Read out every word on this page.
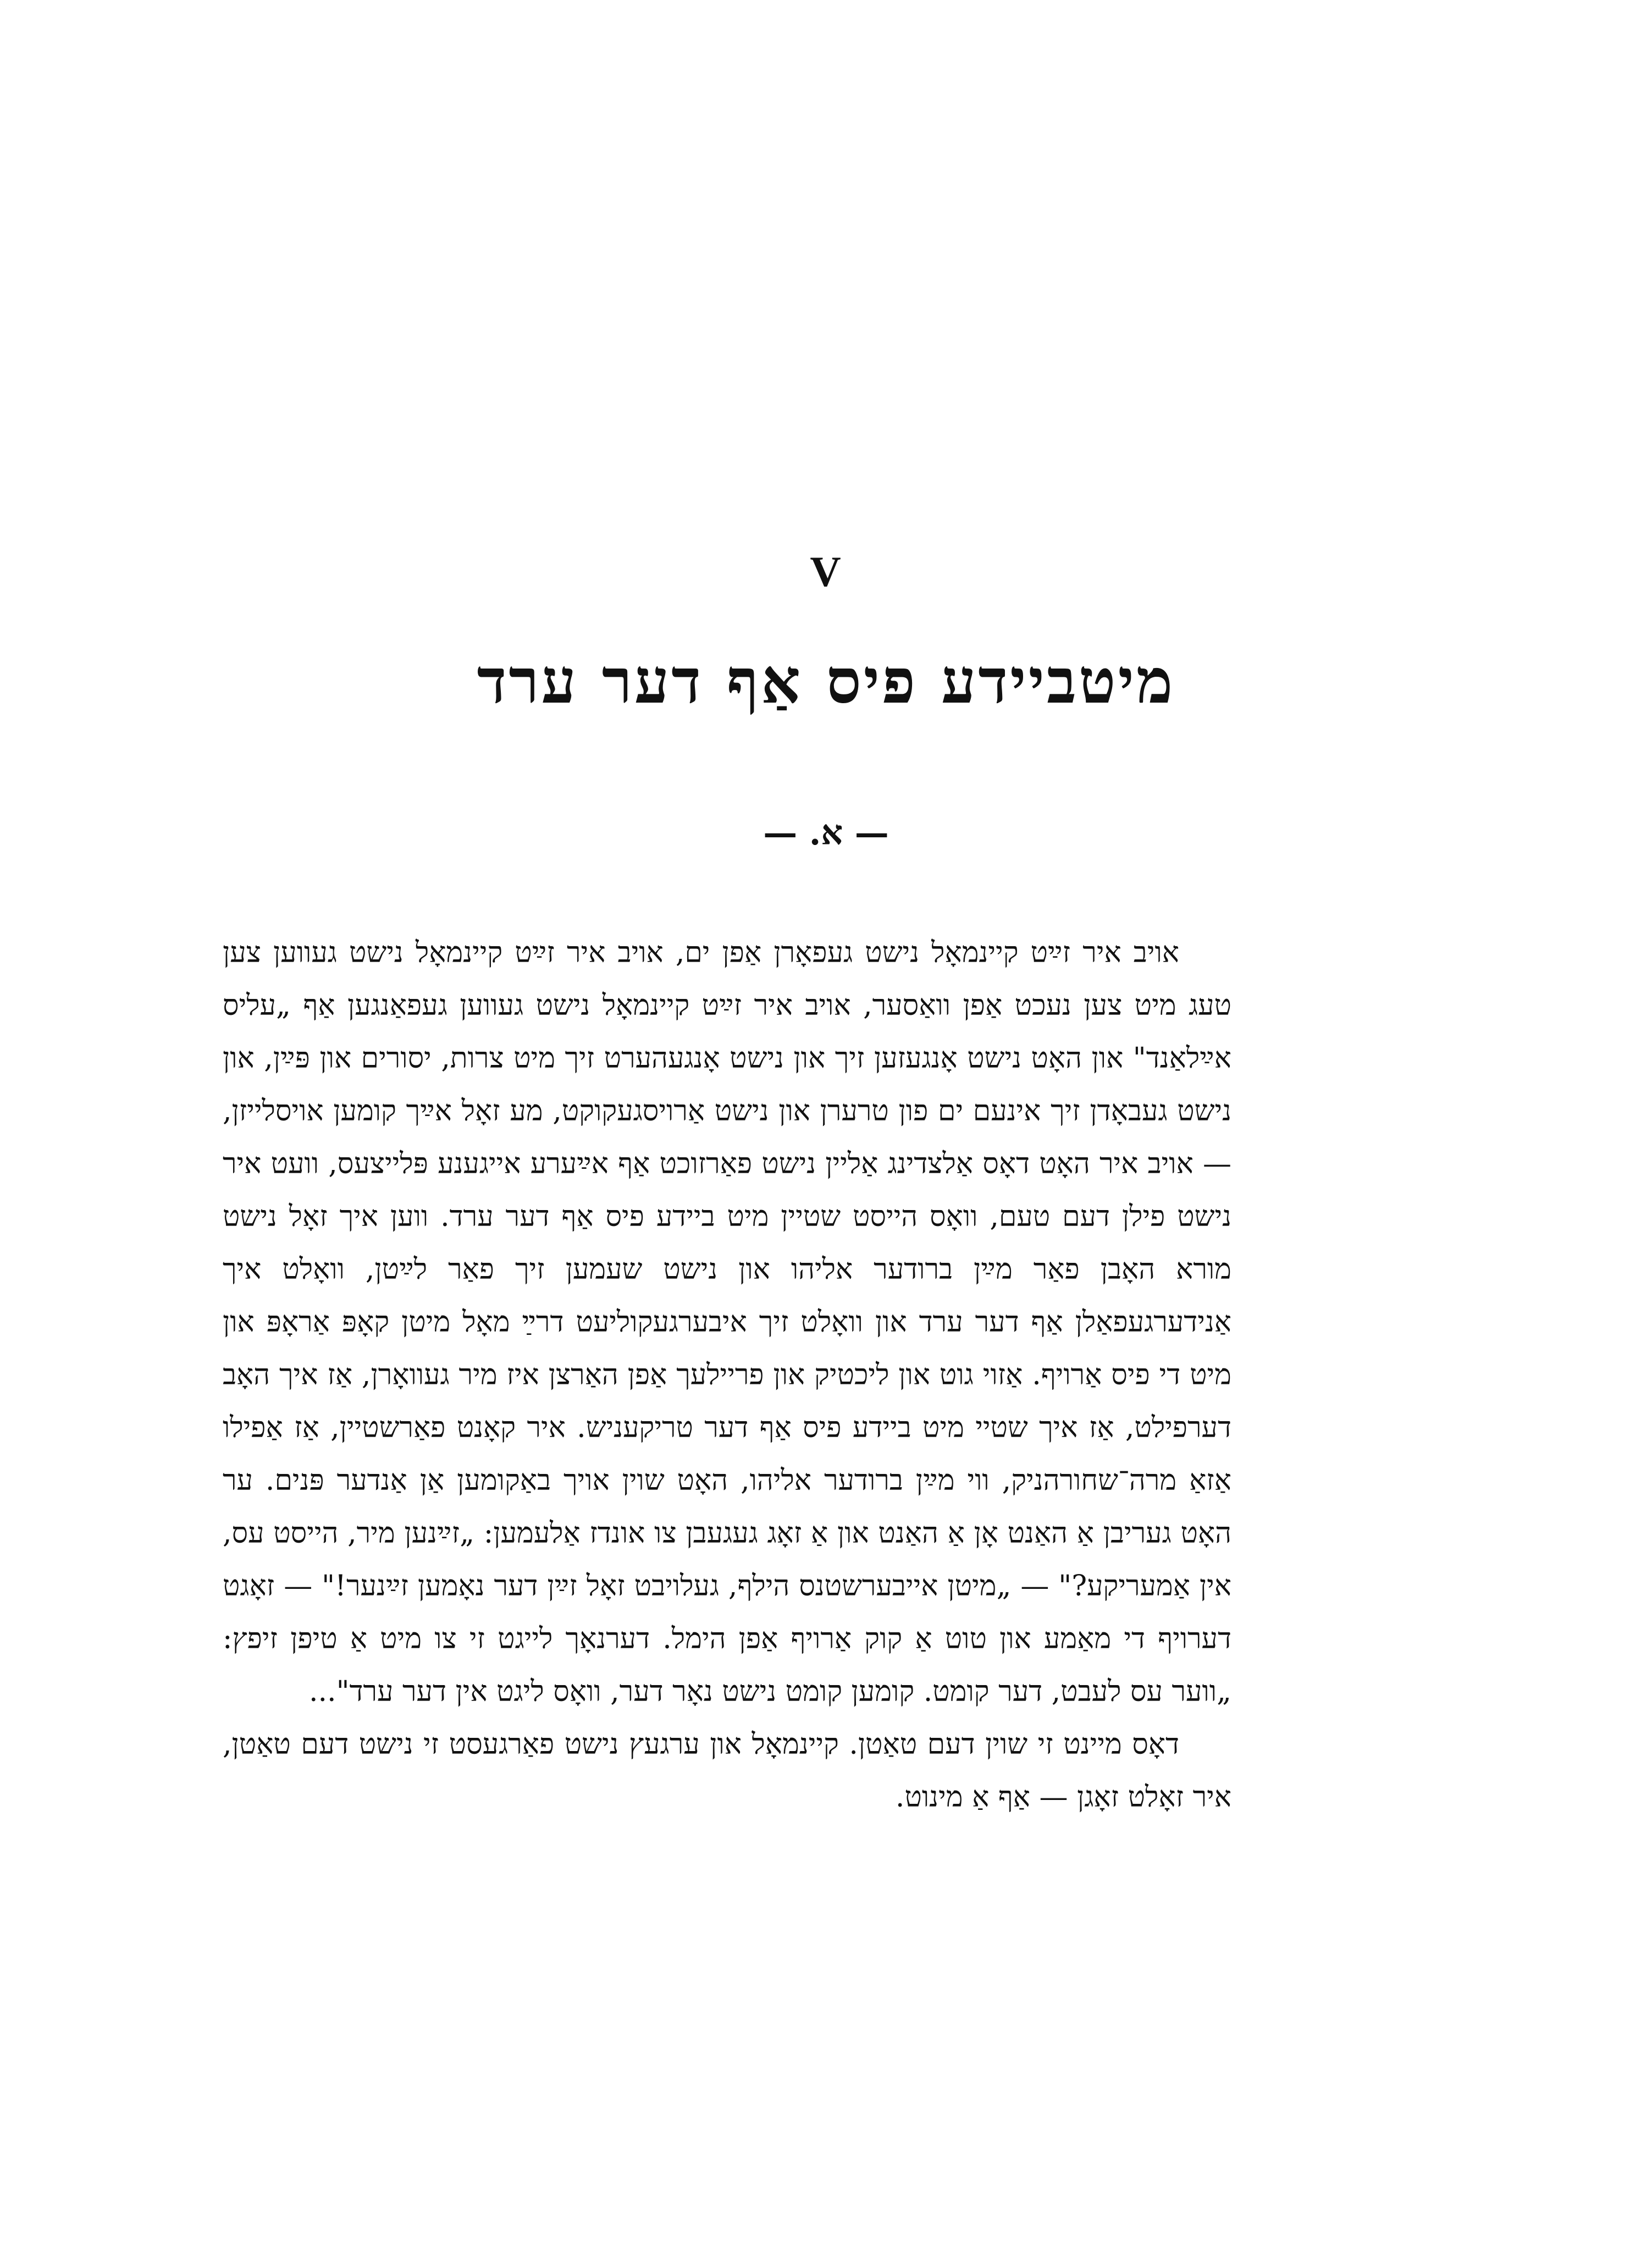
V
מיטביידע פיס אַף דער ערד
— א. —

אויב איר זײַט קיינמאָל נישט געפאָרן אַפן ים, אויב איר זײַט קיינמאָל נישט געווען צען טעג מיט צען נעכט אַפן וואַסער, אויב איר זײַט קיינמאָל נישט געווען געפאַנגען אַף „עליס אײַלאַנד" און האָט נישט אָנגעזען זיך און נישט אָנגעהערט זיך מיט צרות, יסורים און פּײַן, און נישט געבאָדן זיך אינעם ים פון טרערן און נישט אַרויסגעקוקט, מע זאָל אײַך קומען אויסלייזן, — אויב איר האָט דאָס אַלצדינג אַליין נישט פאַרזוכט אַף אײַערע אייגענע פּלייצעס, וועט איר נישט פילן דעם טעם, וואָס הייסט שטיין מיט ביידע פיס אַף דער ערד. ווען איך זאָל נישט מורא האָבן פאַר מײַן ברודער אליהו און נישט שעמען זיך פאַר לײַטן, וואָלט איך אַנידערגעפאַלן אַף דער ערד און וואָלט זיך איבערגעקוליעט דרײַ מאָל מיטן קאָפּ אַראָפּ און מיט די פיס אַרויף. אַזוי גוט און ליכטיק און פריילעך אַפן האַרצן איז מיר געוואָרן, אַז איך האָב דערפילט, אַז איך שטיי מיט ביידע פיס אַף דער טריקעניש. איר קאָנט פאַרשטיין, אַז אַפילו אַזאַ מרה־שחורהניק, ווי מײַן ברודער אליהו, האָט שוין אויך באַקומען אַן אַנדער פּנים. ער האָט געריבן אַ האַנט אָן אַ האַנט און אַ זאָג געגעבן צו אונדז אַלעמען: „זײַנען מיר, הייסט עס, אין אַמעריקע?" — „מיטן אייבערשטנס הילף, געלויבט זאָל זײַן דער נאָמען זײַנער!" — זאָגט דערויף די מאַמע און טוט אַ קוק אַרויף אַפן הימל. דערנאָך לייגט זי צו מיט אַ טיפן זיפץ: „ווער עס לעבט, דער קומט. קומען קומט נישט נאָר דער, וואָס ליגט אין דער ערד"...

דאָס מיינט זי שוין דעם טאַטן. קיינמאָל און ערגעץ נישט פאַרגעסט זי נישט דעם טאַטן, איר זאָלט זאָגן — אַף אַ מינוט.
